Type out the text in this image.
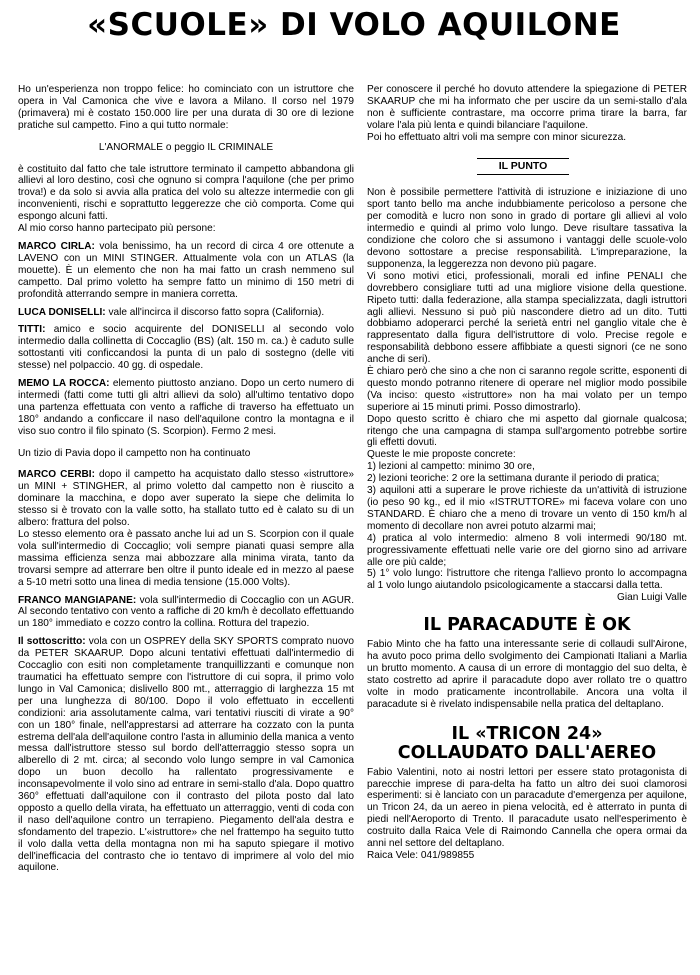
«SCUOLE» DI VOLO AQUILONE

Ho un'esperienza non troppo felice: ho cominciato con un istruttore che opera in Val Camonica che vive e lavora a Milano. Il corso nel 1979 (primavera) mi è costato 150.000 lire per una durata di 30 ore di lezione pratiche sul campetto. Fino a qui tutto normale:

L'ANORMALE o peggio IL CRIMINALE

è costituito dal fatto che tale istruttore terminato il campetto abbandona gli allievi al loro destino, così che ognuno si compra l'aquilone (che per primo trova!) e da solo si avvia alla pratica del volo su altezze intermedie con gli inconvenienti, rischi e soprattutto leggerezze che ciò comporta. Come qui espongo alcuni fatti.

Al mio corso hanno partecipato più persone:

MARCO CIRLA: vola benissimo, ha un record di circa 4 ore ottenute a LAVENO con un MINI STINGER. Attualmente vola con un ATLAS (la mouette). È un elemento che non ha mai fatto un crash nemmeno sul campetto. Dal primo voletto ha sempre fatto un minimo di 150 metri di profondità atterrando sempre in maniera corretta.

LUCA DONISELLI: vale all'incirca il discorso fatto sopra (California).

TITTI: amico e socio acquirente del DONISELLI al secondo volo intermedio dalla collinetta di Coccaglio (BS) (alt. 150 m. ca.) è caduto sulle sottostanti viti conficcandosi la punta di un palo di sostegno (delle viti stesse) nel polpaccio. 40 gg. di ospedale.

MEMO LA ROCCA: elemento piuttosto anziano. Dopo un certo numero di intermedi (fatti come tutti gli altri allievi da solo) all'ultimo tentativo dopo una partenza effettuata con vento a raffiche di traverso ha effettuato un 180° andando a conficcare il naso dell'aquilone contro la montagna e il viso suo contro il filo spinato (S. Scorpion). Fermo 2 mesi.

Un tizio di Pavia dopo il campetto non ha continuato

MARCO CERBI: dopo il campetto ha acquistato dallo stesso «istruttore» un MINI + STINGHER, al primo voletto dal campetto non è riuscito a dominare la macchina, e dopo aver superato la siepe che delimita lo stesso si è trovato con la valle sotto, ha stallato tutto ed è calato su di un albero: frattura del polso.

Lo stesso elemento ora è passato anche lui ad un S. Scorpion con il quale vola sull'intermedio di Coccaglio; voli sempre pianati quasi sempre alla massima efficienza senza mai abbozzare alla minima virata, tanto da trovarsi sempre ad atterrare ben oltre il punto ideale ed in mezzo al paese a 5-10 metri sotto una linea di media tensione (15.000 Volts).

FRANCO MANGIAPANE: vola sull'intermedio di Coccaglio con un AGUR. Al secondo tentativo con vento a raffiche di 20 km/h è decollato effettuando un 180° immediato e cozzo contro la collina. Rottura del trapezio.

Il sottoscritto: vola con un OSPREY della SKY SPORTS comprato nuovo da PETER SKAARUP. Dopo alcuni tentativi effettuati dall'intermedio di Coccaglio con esiti non completamente tranquillizzanti e comunque non traumatici ha effettuato sempre con l'istruttore di cui sopra, il primo volo lungo in Val Camonica; dislivello 800 mt., atterraggio di larghezza 15 mt per una lunghezza di 80/100. Dopo il volo effettuato in eccellenti condizioni: aria assolutamente calma, vari tentativi riusciti di virate a 90° con un 180° finale, nell'apprestarsi ad atterrare ha cozzato con la punta estrema dell'ala dell'aquilone contro l'asta in alluminio della manica a vento messa dall'istruttore stesso sul bordo dell'atterraggio stesso sopra un alberello di 2 mt. circa; al secondo volo lungo sempre in val Camonica dopo un buon decollo ha rallentato progressivamente e inconsapevolmente il volo sino ad entrare in semi-stallo d'ala. Dopo quattro 360° effettuati dall'aquilone con il contrasto del pilota posto dal lato opposto a quello della virata, ha effettuato un atterraggio, venti di coda con il naso dell'aquilone contro un terrapieno. Piegamento dell'ala destra e sfondamento del trapezio. L'«istruttore» che nel frattempo ha seguito tutto il volo dalla vetta della montagna non mi ha saputo spiegare il motivo dell'inefficacia del contrasto che io tentavo di imprimere al volo del mio aquilone.

Per conoscere il perché ho dovuto attendere la spiegazione di PETER SKAARUP che mi ha informato che per uscire da un semi-stallo d'ala non è sufficiente contrastare, ma occorre prima tirare la barra, far volare l'ala più lenta e quindi bilanciare l'aquilone.

Poi ho effettuato altri voli ma sempre con minor sicurezza.

IL PUNTO

Non è possibile permettere l'attività di istruzione e iniziazione di uno sport tanto bello ma anche indubbiamente pericoloso a persone che per comodità e lucro non sono in grado di portare gli allievi al volo intermedio e quindi al primo volo lungo. Deve risultare tassativa la condizione che coloro che si assumono i vantaggi delle scuole-volo devono sottostare a precise responsabilità. L'impreparazione, la supponenza, la leggerezza non devono più pagare.

Vi sono motivi etici, professionali, morali ed infine PENALI che dovrebbero consigliare tutti ad una migliore visione della questione. Ripeto tutti: dalla federazione, alla stampa specializzata, dagli istruttori agli allievi. Nessuno si può più nascondere dietro ad un dito. Tutti dobbiamo adoperarci perché la serietà entri nel ganglio vitale che è rappresentato dalla figura dell'istruttore di volo. Precise regole e responsabilità debbono essere affibbiate a questi signori (ce ne sono anche di seri).

È chiaro però che sino a che non ci saranno regole scritte, esponenti di questo mondo potranno ritenere di operare nel miglior modo possibile (Va inciso: questo «istruttore» non ha mai volato per un tempo superiore ai 15 minuti primi. Posso dimostrarlo).

Dopo questo scritto è chiaro che mi aspetto dal giornale qualcosa; ritengo che una campagna di stampa sull'argomento potrebbe sortire gli effetti dovuti.

Queste le mie proposte concrete:

1) lezioni al campetto: minimo 30 ore,

2) lezioni teoriche: 2 ore la settimana durante il periodo di pratica;

3) aquiloni atti a superare le prove richieste da un'attività di istruzione (io peso 90 kg., ed il mio «ISTRUTTORE» mi faceva volare con uno STANDARD. È chiaro che a meno di trovare un vento di 150 km/h al momento di decollare non avrei potuto alzarmi mai;

4) pratica al volo intermedio: almeno 8 voli intermedi 90/180 mt. progressivamente effettuati nelle varie ore del giorno sino ad arrivare alle ore più calde;

5) 1° volo lungo: l'istruttore che ritenga l'allievo pronto lo accompagna al 1 volo lungo aiutandolo psicologicamente a staccarsi dalla tetta.

Gian Luigi Valle

IL PARACADUTE È OK

Fabio Minto che ha fatto una interessante serie di collaudi sull'Airone, ha avuto poco prima dello svolgimento dei Campionati Italiani a Marlia un brutto momento. A causa di un errore di montaggio del suo delta, è stato costretto ad aprire il paracadute dopo aver rollato tre o quattro volte in modo praticamente incontrollabile. Ancora una volta il paracadute si è rivelato indispensabile nella pratica del deltaplano.

IL «TRICON 24»
COLLAUDATO DALL'AEREO

Fabio Valentini, noto ai nostri lettori per essere stato protagonista di parecchie imprese di para-delta ha fatto un altro dei suoi clamorosi esperimenti: si è lanciato con un paracadute d'emergenza per aquilone, un Tricon 24, da un aereo in piena velocità, ed è atterrato in punta di piedi nell'Aeroporto di Trento. Il paracadute usato nell'esperimento è costruito dalla Raica Vele di Raimondo Cannella che opera ormai da anni nel settore del deltaplano.

Raica Vele: 041/989855
